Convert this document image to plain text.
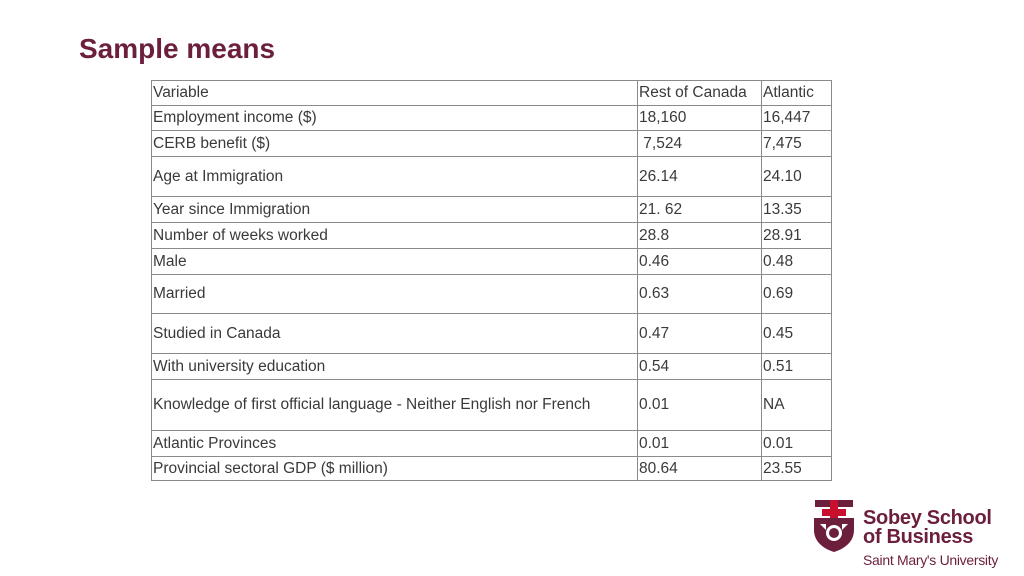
Sample means
Variable	Rest of Canada	Atlantic
Employment income ($)	18,160	16,447
CERB benefit ($)	7,524	7,475
Age at Immigration	26.14	24.10
Year since Immigration	21. 62	13.35
Number of weeks worked	28.8	28.91
Male	0.46	0.48
Married	0.63	0.69
Studied in Canada	0.47	0.45
With university education	0.54	0.51
Knowledge of first official language - Neither English nor French	0.01	NA
Atlantic Provinces	0.01	0.01
Provincial sectoral GDP ($ million)	80.64	23.55
Sobey School
of Business
Saint Mary's University
